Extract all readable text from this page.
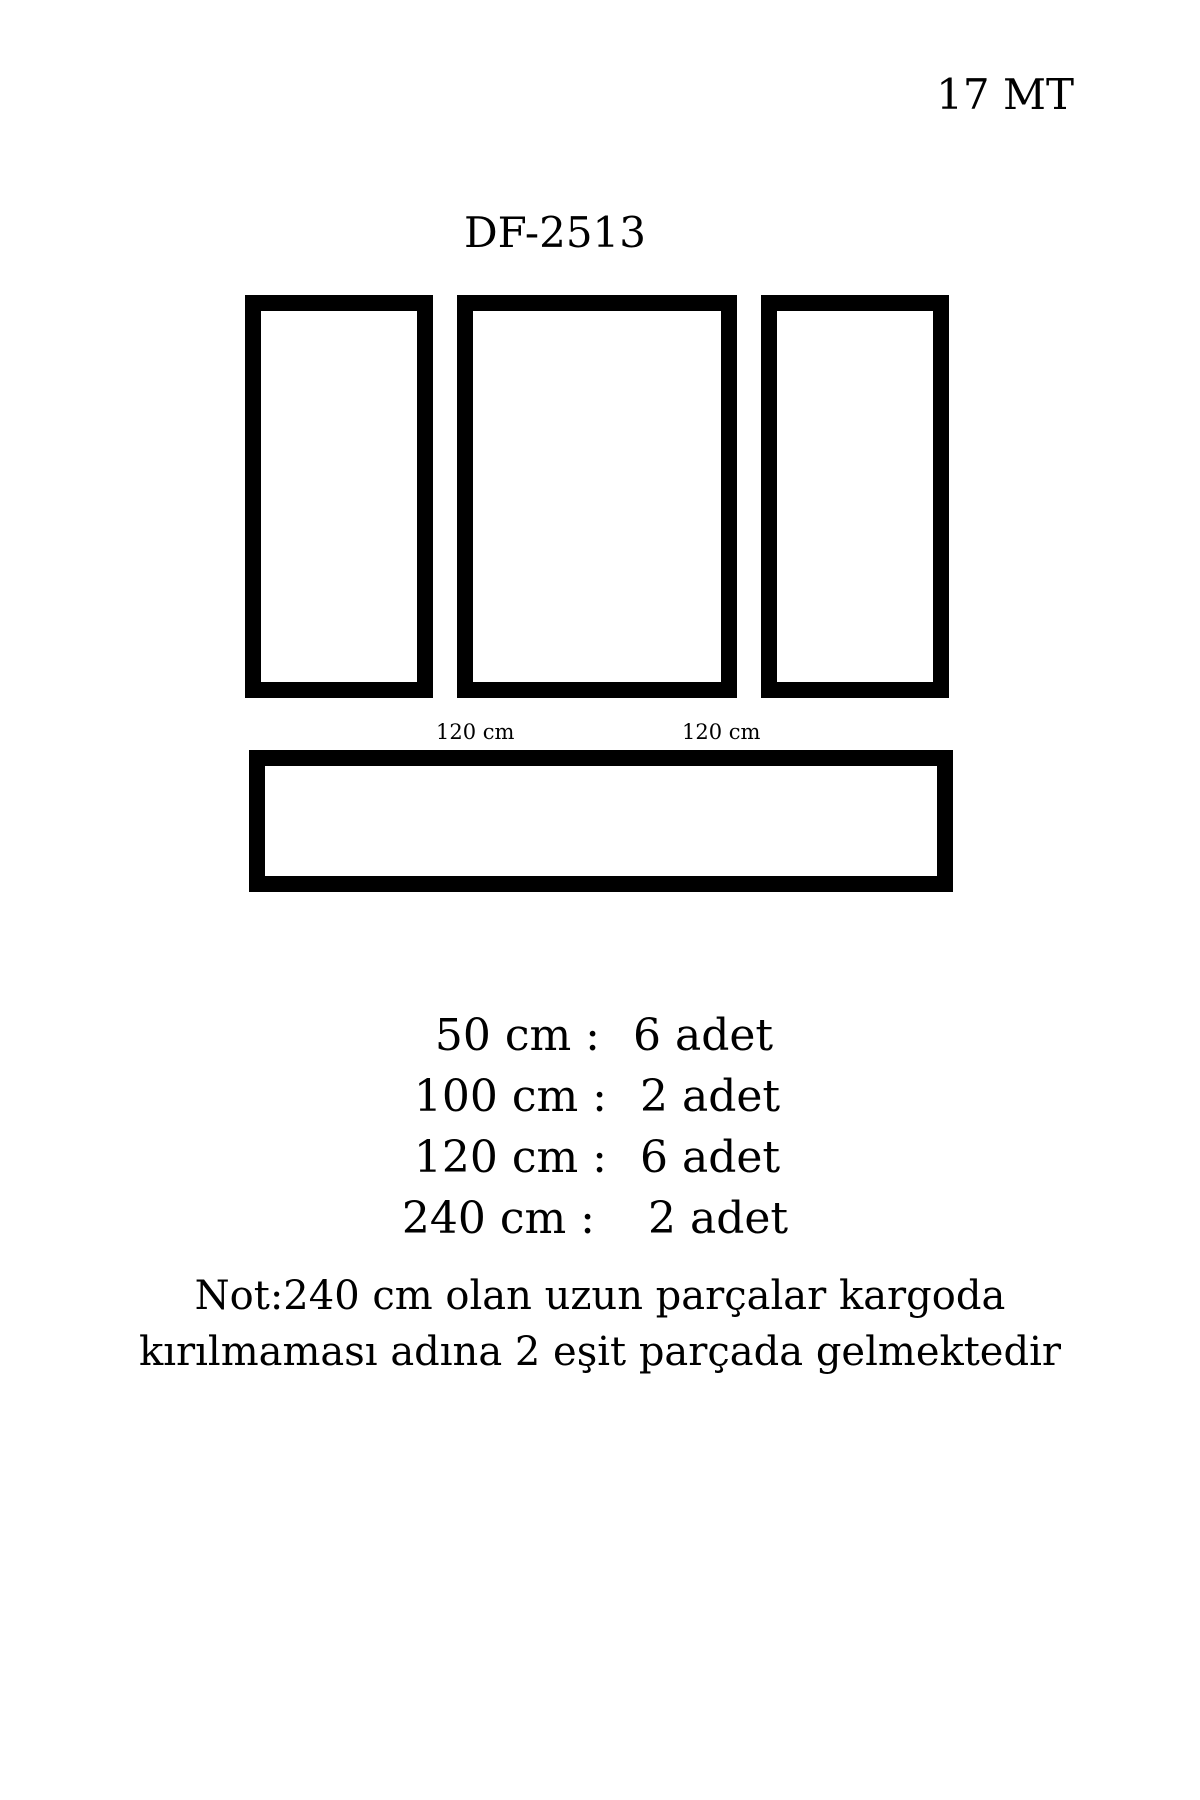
17 MT
DF-2513
120 cm	120 cm
50 cm : 6 adet
100 cm : 2 adet
120 cm : 6 adet
240 cm : 2 adet
Not:240 cm olan uzun parçalar kargoda
kırılmaması adına 2 eşit parçada gelmektedir
